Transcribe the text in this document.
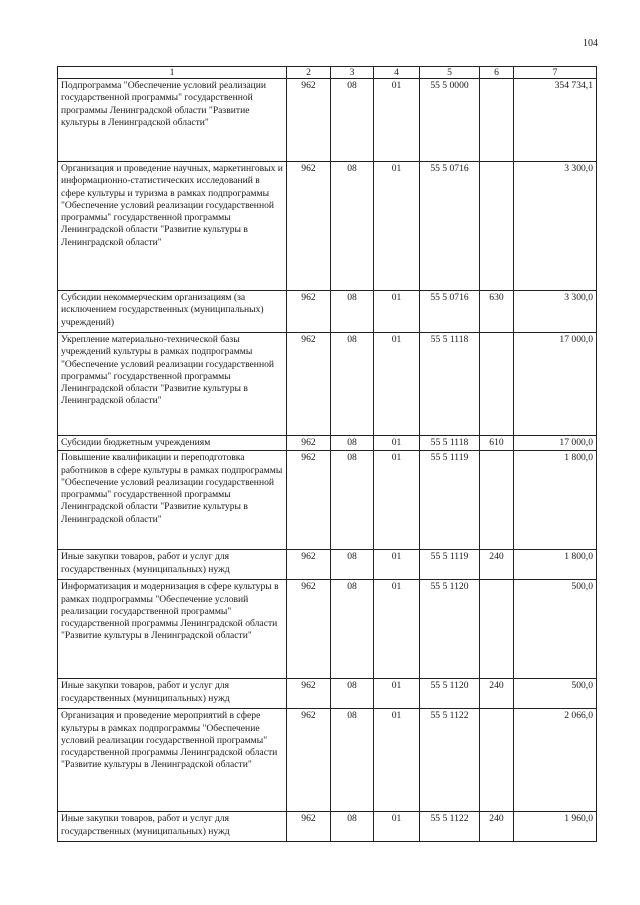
104
1	2	3	4	5	6	7
Подпрограмма "Обеспечение условий реализации государственной программы" государственной программы Ленинградской области "Развитие культуры в Ленинградской области"	962	08	01	55 5 0000		354 734,1
Организация и проведение научных, маркетинговых и информационно-статистических исследований в сфере культуры и туризма в рамках подпрограммы "Обеспечение условий реализации государственной программы" государственной программы Ленинградской области "Развитие культуры в Ленинградской области"	962	08	01	55 5 0716		3 300,0
Субсидии некоммерческим организациям (за исключением государственных (муниципальных) учреждений)	962	08	01	55 5 0716	630	3 300,0
Укрепление материально-технической базы учреждений культуры в рамках подпрограммы "Обеспечение условий реализации государственной программы" государственной программы Ленинградской области "Развитие культуры в Ленинградской области"	962	08	01	55 5 1118		17 000,0
Субсидии бюджетным учреждениям	962	08	01	55 5 1118	610	17 000,0
Повышение квалификации и переподготовка работников в сфере культуры в рамках подпрограммы "Обеспечение условий реализации государственной программы" государственной программы Ленинградской области "Развитие культуры в Ленинградской области"	962	08	01	55 5 1119		1 800,0
Иные закупки товаров, работ и услуг для государственных (муниципальных) нужд	962	08	01	55 5 1119	240	1 800,0
Информатизация и модернизация в сфере культуры в рамках подпрограммы "Обеспечение условий реализации государственной программы" государственной программы Ленинградской области "Развитие культуры в Ленинградской области"	962	08	01	55 5 1120		500,0
Иные закупки товаров, работ и услуг для государственных (муниципальных) нужд	962	08	01	55 5 1120	240	500,0
Организация и проведение мероприятий в сфере культуры в рамках подпрограммы "Обеспечение условий реализации государственной программы" государственной программы Ленинградской области "Развитие культуры в Ленинградской области"	962	08	01	55 5 1122		2 066,0
Иные закупки товаров, работ и услуг для государственных (муниципальных) нужд	962	08	01	55 5 1122	240	1 960,0
